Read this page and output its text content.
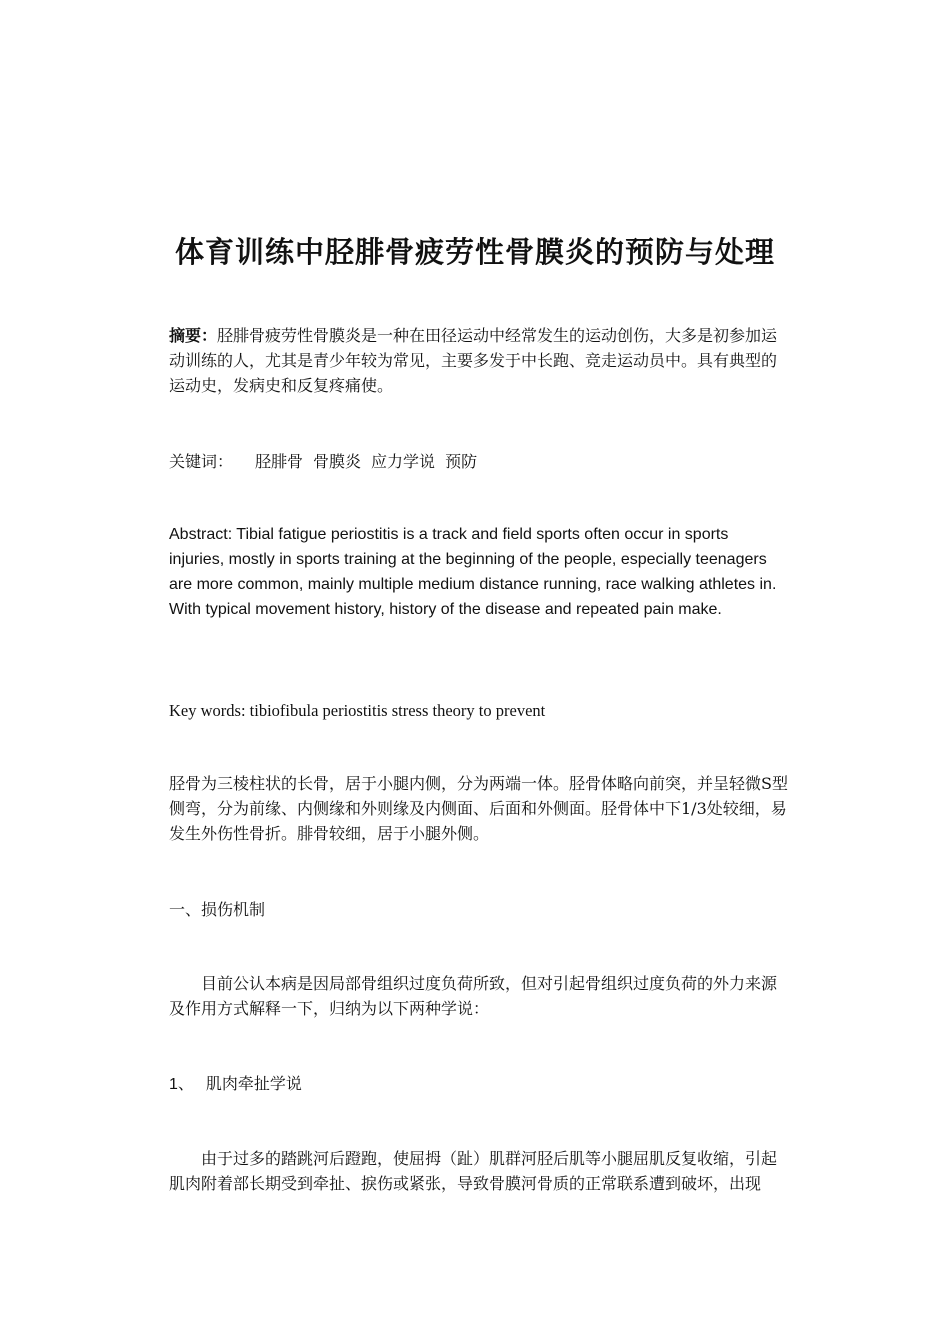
体育训练中胫腓骨疲劳性骨膜炎的预防与处理
摘要：胫腓骨疲劳性骨膜炎是一种在田径运动中经常发生的运动创伤，大多是初参加运动训练的人，尤其是青少年较为常见，主要多发于中长跑、竞走运动员中。具有典型的运动史，发病史和反复疼痛使。
关键词： 胫腓骨 骨膜炎 应力学说 预防
Abstract: Tibial fatigue periostitis is a track and field sports often occur in sports injuries, mostly in sports training at the beginning of the people, especially teenagers are more common, mainly multiple medium distance running, race walking athletes in. With typical movement history, history of the disease and repeated pain make.
Key words: tibiofibula periostitis stress theory to prevent
胫骨为三棱柱状的长骨，居于小腿内侧，分为两端一体。胫骨体略向前突，并呈轻微S型侧弯，分为前缘、内侧缘和外则缘及内侧面、后面和外侧面。胫骨体中下1/3处较细，易发生外伤性骨折。腓骨较细，居于小腿外侧。
一、损伤机制
目前公认本病是因局部骨组织过度负荷所致，但对引起骨组织过度负荷的外力来源及作用方式解释一下，归纳为以下两种学说：
1、 肌肉牵扯学说
由于过多的踏跳河后蹬跑，使屈拇（趾）肌群河胫后肌等小腿屈肌反复收缩，引起肌肉附着部长期受到牵扯、捩伤或紧张，导致骨膜河骨质的正常联系遭到破坏，出现
